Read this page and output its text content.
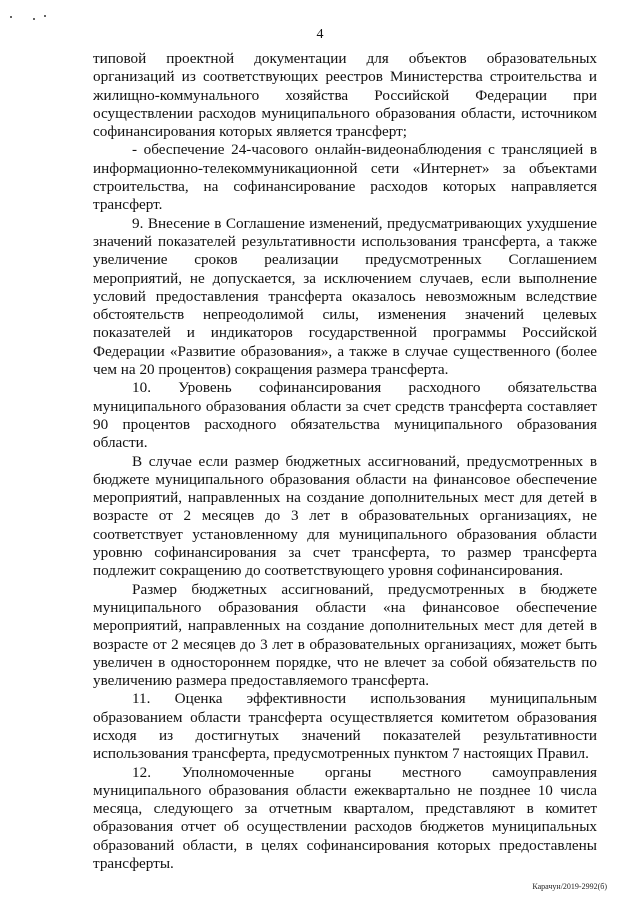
4

типовой проектной документации для объектов образовательных организаций из соответствующих реестров Министерства строительства и жилищно-коммунального хозяйства Российской Федерации при осуществлении расходов муниципального образования области, источником софинансирования которых является трансферт;

- обеспечение 24-часового онлайн-видеонаблюдения с трансляцией в информационно-телекоммуникационной сети «Интернет» за объектами строительства, на софинансирование расходов которых направляется трансферт.

9. Внесение в Соглашение изменений, предусматривающих ухудшение значений показателей результативности использования трансферта, а также увеличение сроков реализации предусмотренных Соглашением мероприятий, не допускается, за исключением случаев, если выполнение условий предоставления трансферта оказалось невозможным вследствие обстоятельств непреодолимой силы, изменения значений целевых показателей и индикаторов государственной программы Российской Федерации «Развитие образования», а также в случае существенного (более чем на 20 процентов) сокращения размера трансферта.

10. Уровень софинансирования расходного обязательства муниципального образования области за счет средств трансферта составляет 90 процентов расходного обязательства муниципального образования области.

В случае если размер бюджетных ассигнований, предусмотренных в бюджете муниципального образования области на финансовое обеспечение мероприятий, направленных на создание дополнительных мест для детей в возрасте от 2 месяцев до 3 лет в образовательных организациях, не соответствует установленному для муниципального образования области уровню софинансирования за счет трансферта, то размер трансферта подлежит сокращению до соответствующего уровня софинансирования.

Размер бюджетных ассигнований, предусмотренных в бюджете муниципального образования области «на финансовое обеспечение мероприятий, направленных на создание дополнительных мест для детей в возрасте от 2 месяцев до 3 лет в образовательных организациях, может быть увеличен в одностороннем порядке, что не влечет за собой обязательств по увеличению размера предоставляемого трансферта.

11. Оценка эффективности использования муниципальным образованием области трансферта осуществляется комитетом образования исходя из достигнутых значений показателей результативности использования трансферта, предусмотренных пунктом 7 настоящих Правил.

12. Уполномоченные органы местного самоуправления муниципального образования области ежеквартально не позднее 10 числа месяца, следующего за отчетным кварталом, представляют в комитет образования отчет об осуществлении расходов бюджетов муниципальных образований области, в целях софинансирования которых предоставлены трансферты.

Карачун/2019-2992(б)
